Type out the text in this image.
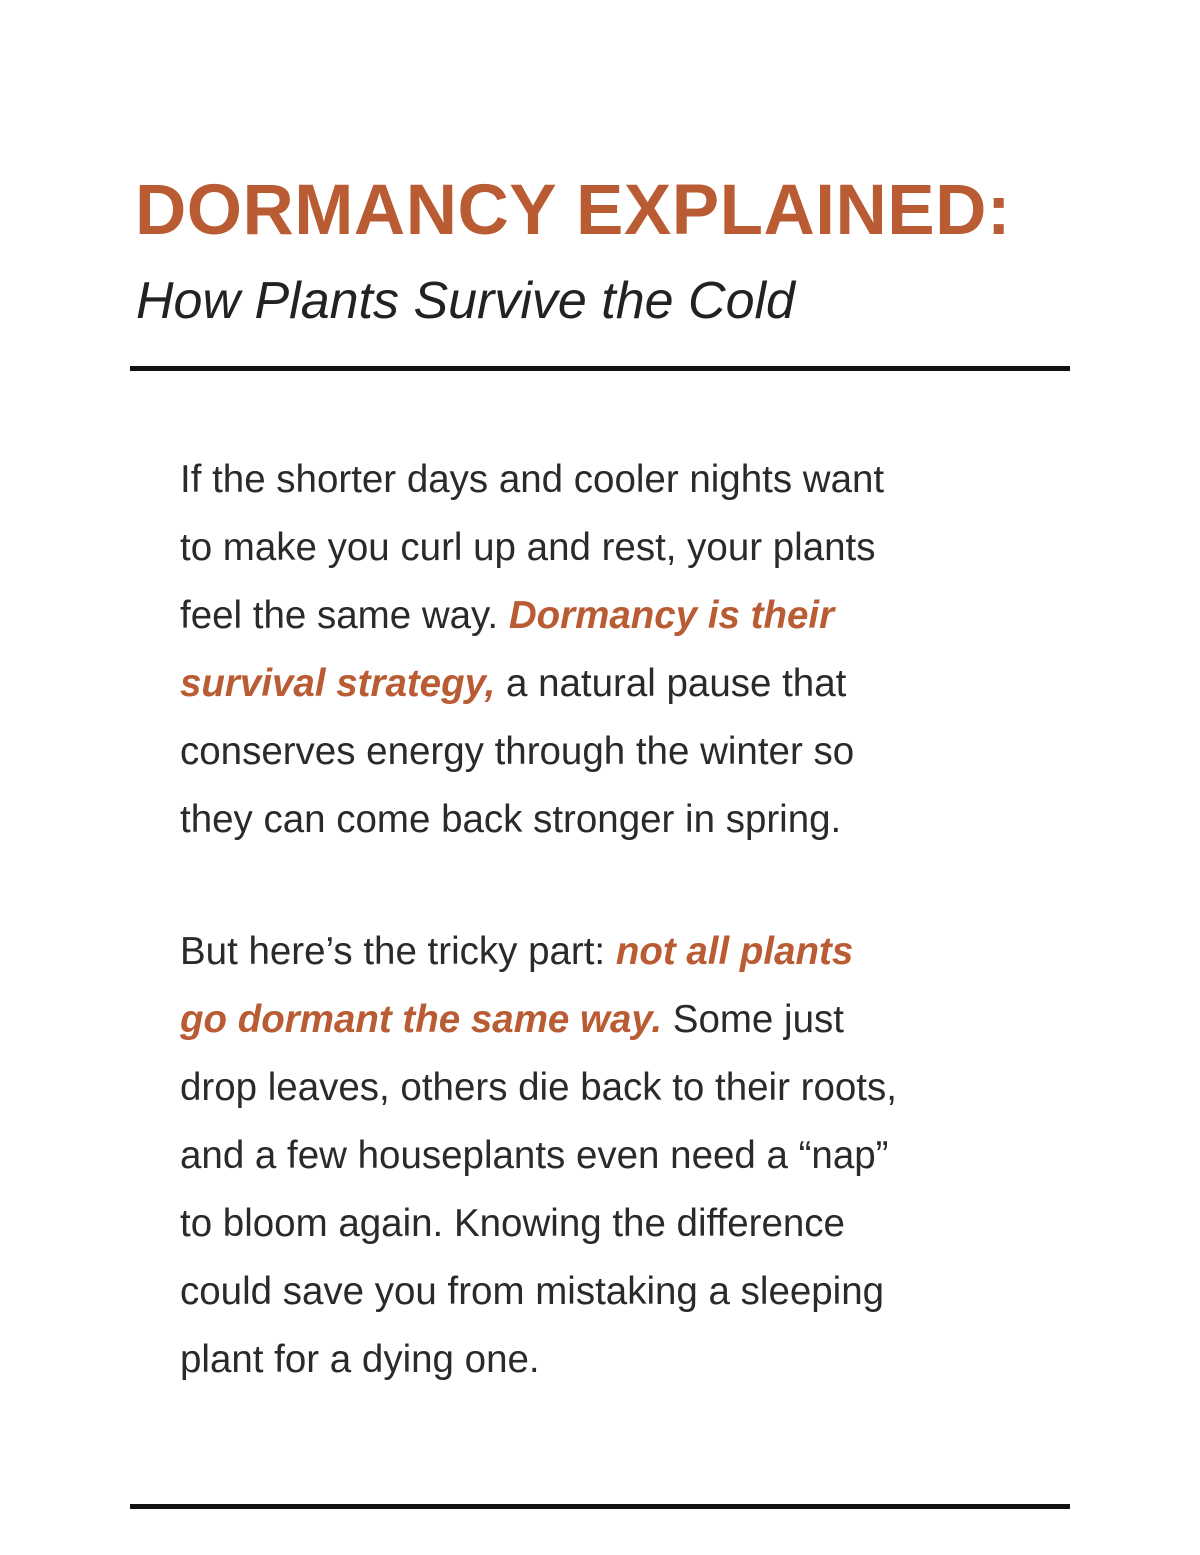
DORMANCY EXPLAINED:
How Plants Survive the Cold

If the shorter days and cooler nights want
to make you curl up and rest, your plants
feel the same way. Dormancy is their
survival strategy, a natural pause that
conserves energy through the winter so
they can come back stronger in spring.

But here’s the tricky part: not all plants
go dormant the same way. Some just
drop leaves, others die back to their roots,
and a few houseplants even need a “nap”
to bloom again. Knowing the difference
could save you from mistaking a sleeping
plant for a dying one.
